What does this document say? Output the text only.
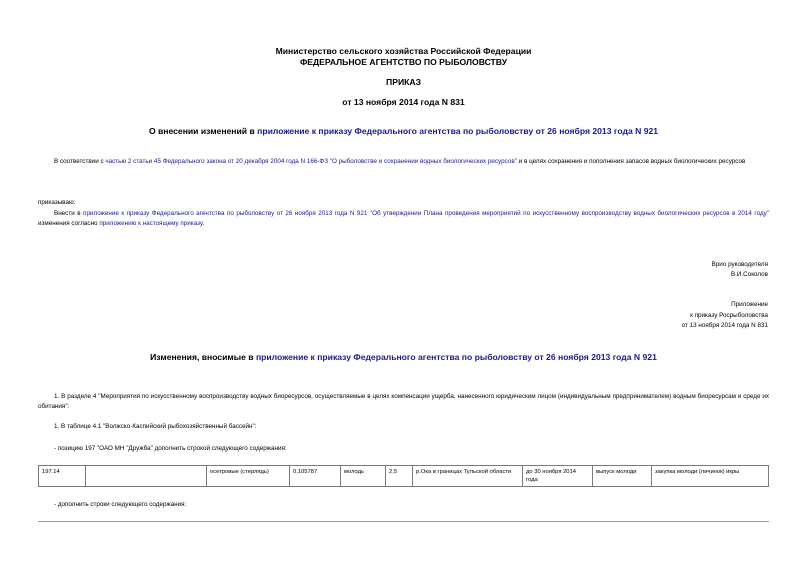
Министерство сельского хозяйства Российской Федерации
ФЕДЕРАЛЬНОЕ АГЕНТСТВО ПО РЫБОЛОВСТВУ
ПРИКАЗ
от 13 ноября 2014 года N 831
О внесении изменений в приложение к приказу Федерального агентства по рыболовству от 26 ноября 2013 года N 921
В соответствии с частью 2 статьи 45 Федерального закона от 20 декабря 2004 года N 166-ФЗ "О рыболовстве и сохранении водных биологических ресурсов" и в целях сохранения и пополнения запасов водных биологических ресурсов
приказываю:
Внести в приложение к приказу Федерального агентства по рыболовству от 26 ноября 2013 года N 921 "Об утверждении Плана проведения мероприятий по искусственному воспроизводству водных биологических ресурсов в 2014 году" изменения согласно приложению к настоящему приказу.
Врио руководителя
В.И.Соколов
Приложение
к приказу Росрыболовства
от 13 ноября 2014 года N 831
Изменения, вносимые в приложение к приказу Федерального агентства по рыболовству от 26 ноября 2013 года N 921
1. В разделе 4 "Мероприятия по искусственному воспроизводству водных биоресурсов, осуществляемые в целях компенсации ущерба, нанесенного юридическим лицом (индивидуальным предпринимателем) водным биоресурсам и среде их обитания":
1. В таблице 4.1 "Волжско-Каспийский рыбохозяйственный бассейн":
- позицию 197 "ОАО МН "Дружба" дополнить строкой следующего содержания:
197.14		осетровые (стерлядь)	0,105787	молодь	2,5	р.Ока в границах Тульской области	до 30 ноября 2014 года	выпуск молоди	закупка молоди (личинок) икры
- дополнить строки следующего содержания:
